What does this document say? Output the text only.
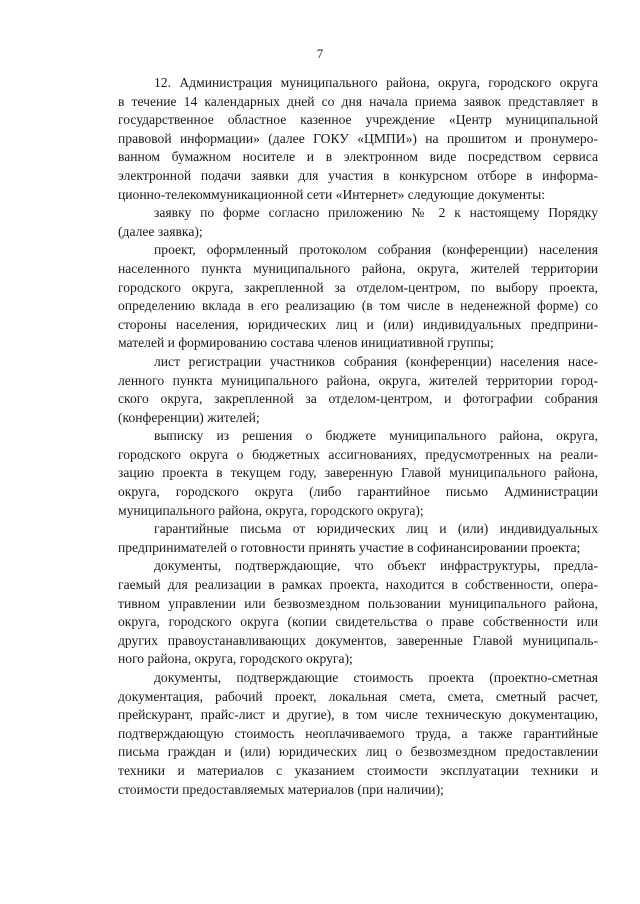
7
12. Администрация муниципального района, округа, городского округа
в течение 14 календарных дней со дня начала приема заявок представляет в
государственное областное казенное учреждение «Центр муниципальной
правовой информации» (далее ГОКУ «ЦМПИ») на прошитом и пронумеро-
ванном бумажном носителе и в электронном виде посредством сервиса
электронной подачи заявки для участия в конкурсном отборе в информа-
ционно-телекоммуникационной сети «Интернет» следующие документы:
заявку по форме согласно приложению № 2 к настоящему Порядку
(далее заявка);
проект, оформленный протоколом собрания (конференции) населения
населенного пункта муниципального района, округа, жителей территории
городского округа, закрепленной за отделом-центром, по выбору проекта,
определению вклада в его реализацию (в том числе в неденежной форме) со
стороны населения, юридических лиц и (или) индивидуальных предприни-
мателей и формированию состава членов инициативной группы;
лист регистрации участников собрания (конференции) населения насе-
ленного пункта муниципального района, округа, жителей территории город-
ского округа, закрепленной за отделом-центром, и фотографии собрания
(конференции) жителей;
выписку из решения о бюджете муниципального района, округа,
городского округа о бюджетных ассигнованиях, предусмотренных на реали-
зацию проекта в текущем году, заверенную Главой муниципального района,
округа, городского округа (либо гарантийное письмо Администрации
муниципального района, округа, городского округа);
гарантийные письма от юридических лиц и (или) индивидуальных
предпринимателей о готовности принять участие в софинансировании проекта;
документы, подтверждающие, что объект инфраструктуры, предла-
гаемый для реализации в рамках проекта, находится в собственности, опера-
тивном управлении или безвозмездном пользовании муниципального района,
округа, городского округа (копии свидетельства о праве собственности или
других правоустанавливающих документов, заверенные Главой муниципаль-
ного района, округа, городского округа);
документы, подтверждающие стоимость проекта (проектно-сметная
документация, рабочий проект, локальная смета, смета, сметный расчет,
прейскурант, прайс-лист и другие), в том числе техническую документацию,
подтверждающую стоимость неоплачиваемого труда, а также гарантийные
письма граждан и (или) юридических лиц о безвозмездном предоставлении
техники и материалов с указанием стоимости эксплуатации техники и
стоимости предоставляемых материалов (при наличии);
